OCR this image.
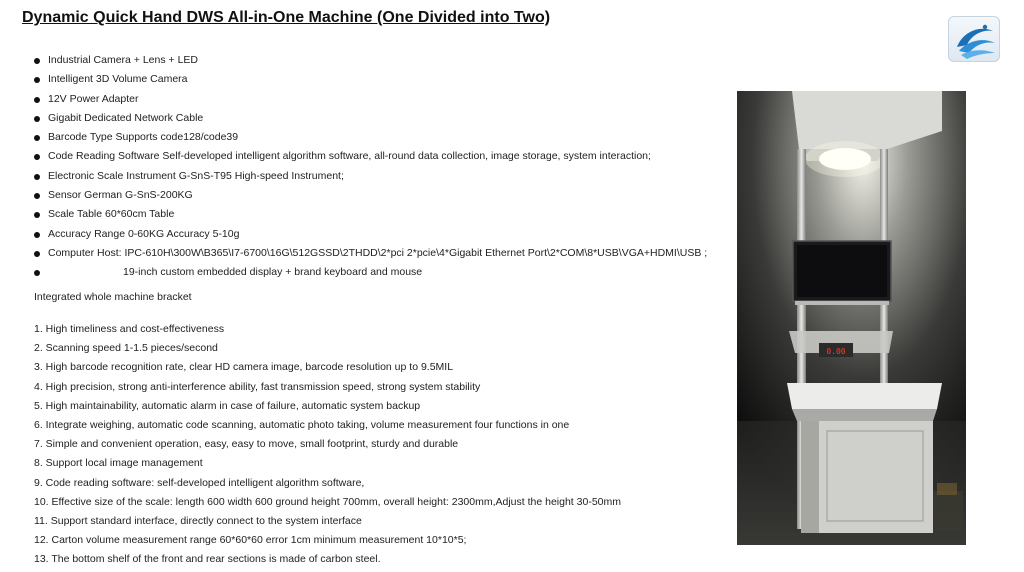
Dynamic Quick Hand DWS All-in-One Machine (One Divided into Two)
Industrial Camera + Lens + LED
Intelligent 3D Volume Camera
12V Power Adapter
Gigabit Dedicated Network Cable
Barcode Type Supports code128/code39
Code Reading Software Self-developed intelligent algorithm software, all-round data collection, image storage, system interaction;
Electronic Scale Instrument G-SnS-T95 High-speed Instrument;
Sensor German G-SnS-200KG
Scale Table 60*60cm Table
Accuracy Range 0-60KG Accuracy 5-10g
Computer Host: IPC-610H\300W\B365\I7-6700\16G\512GSSD\2THDD\2*pci 2*pcie\4*Gigabit Ethernet Port\2*COM\8*USB\VGA+HDMI\USB ;
19-inch custom embedded display + brand keyboard and mouse
Integrated whole machine bracket
1. High timeliness and cost-effectiveness
2. Scanning speed 1-1.5 pieces/second
3. High barcode recognition rate, clear HD camera image, barcode resolution up to 9.5MIL
4. High precision, strong anti-interference ability, fast transmission speed, strong system stability
5. High maintainability, automatic alarm in case of failure, automatic system backup
6. Integrate weighing, automatic code scanning, automatic photo taking, volume measurement four functions in one
7. Simple and convenient operation, easy, easy to move, small footprint, sturdy and durable
8. Support local image management
9. Code reading software: self-developed intelligent algorithm software,
10. Effective size of the scale: length 600 width 600 ground height 700mm, overall height: 2300mm,Adjust the height 30-50mm
11. Support standard interface, directly connect to the system interface
12. Carton volume measurement range 60*60*60 error 1cm minimum measurement 10*10*5;
13. The bottom shelf of the front and rear sections is made of carbon steel.
0.00
